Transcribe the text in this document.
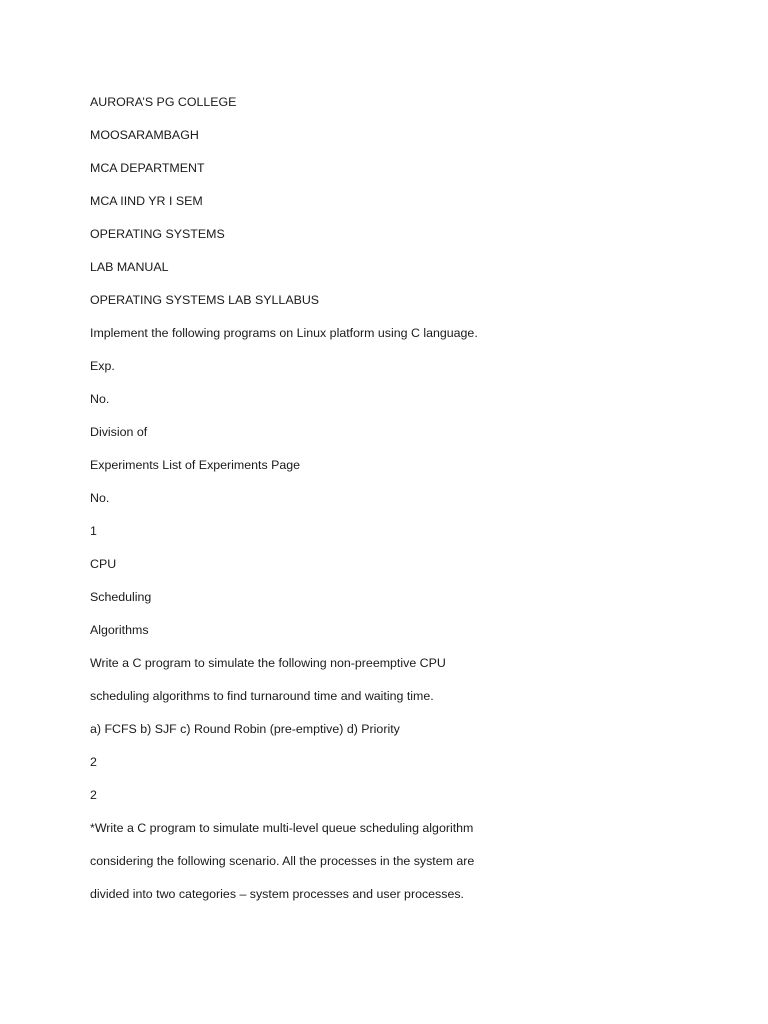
AURORA’S PG COLLEGE
MOOSARAMBAGH
MCA DEPARTMENT
MCA IIND YR I SEM
OPERATING SYSTEMS
LAB MANUAL
OPERATING SYSTEMS LAB SYLLABUS
Implement the following programs on Linux platform using C language.
Exp.
No.
Division of
Experiments List of Experiments Page
No.
1
CPU
Scheduling
Algorithms
Write a C program to simulate the following non-preemptive CPU
scheduling algorithms to find turnaround time and waiting time.
a) FCFS b) SJF c) Round Robin (pre-emptive) d) Priority
2
2
*Write a C program to simulate multi-level queue scheduling algorithm
considering the following scenario. All the processes in the system are
divided into two categories – system processes and user processes.
